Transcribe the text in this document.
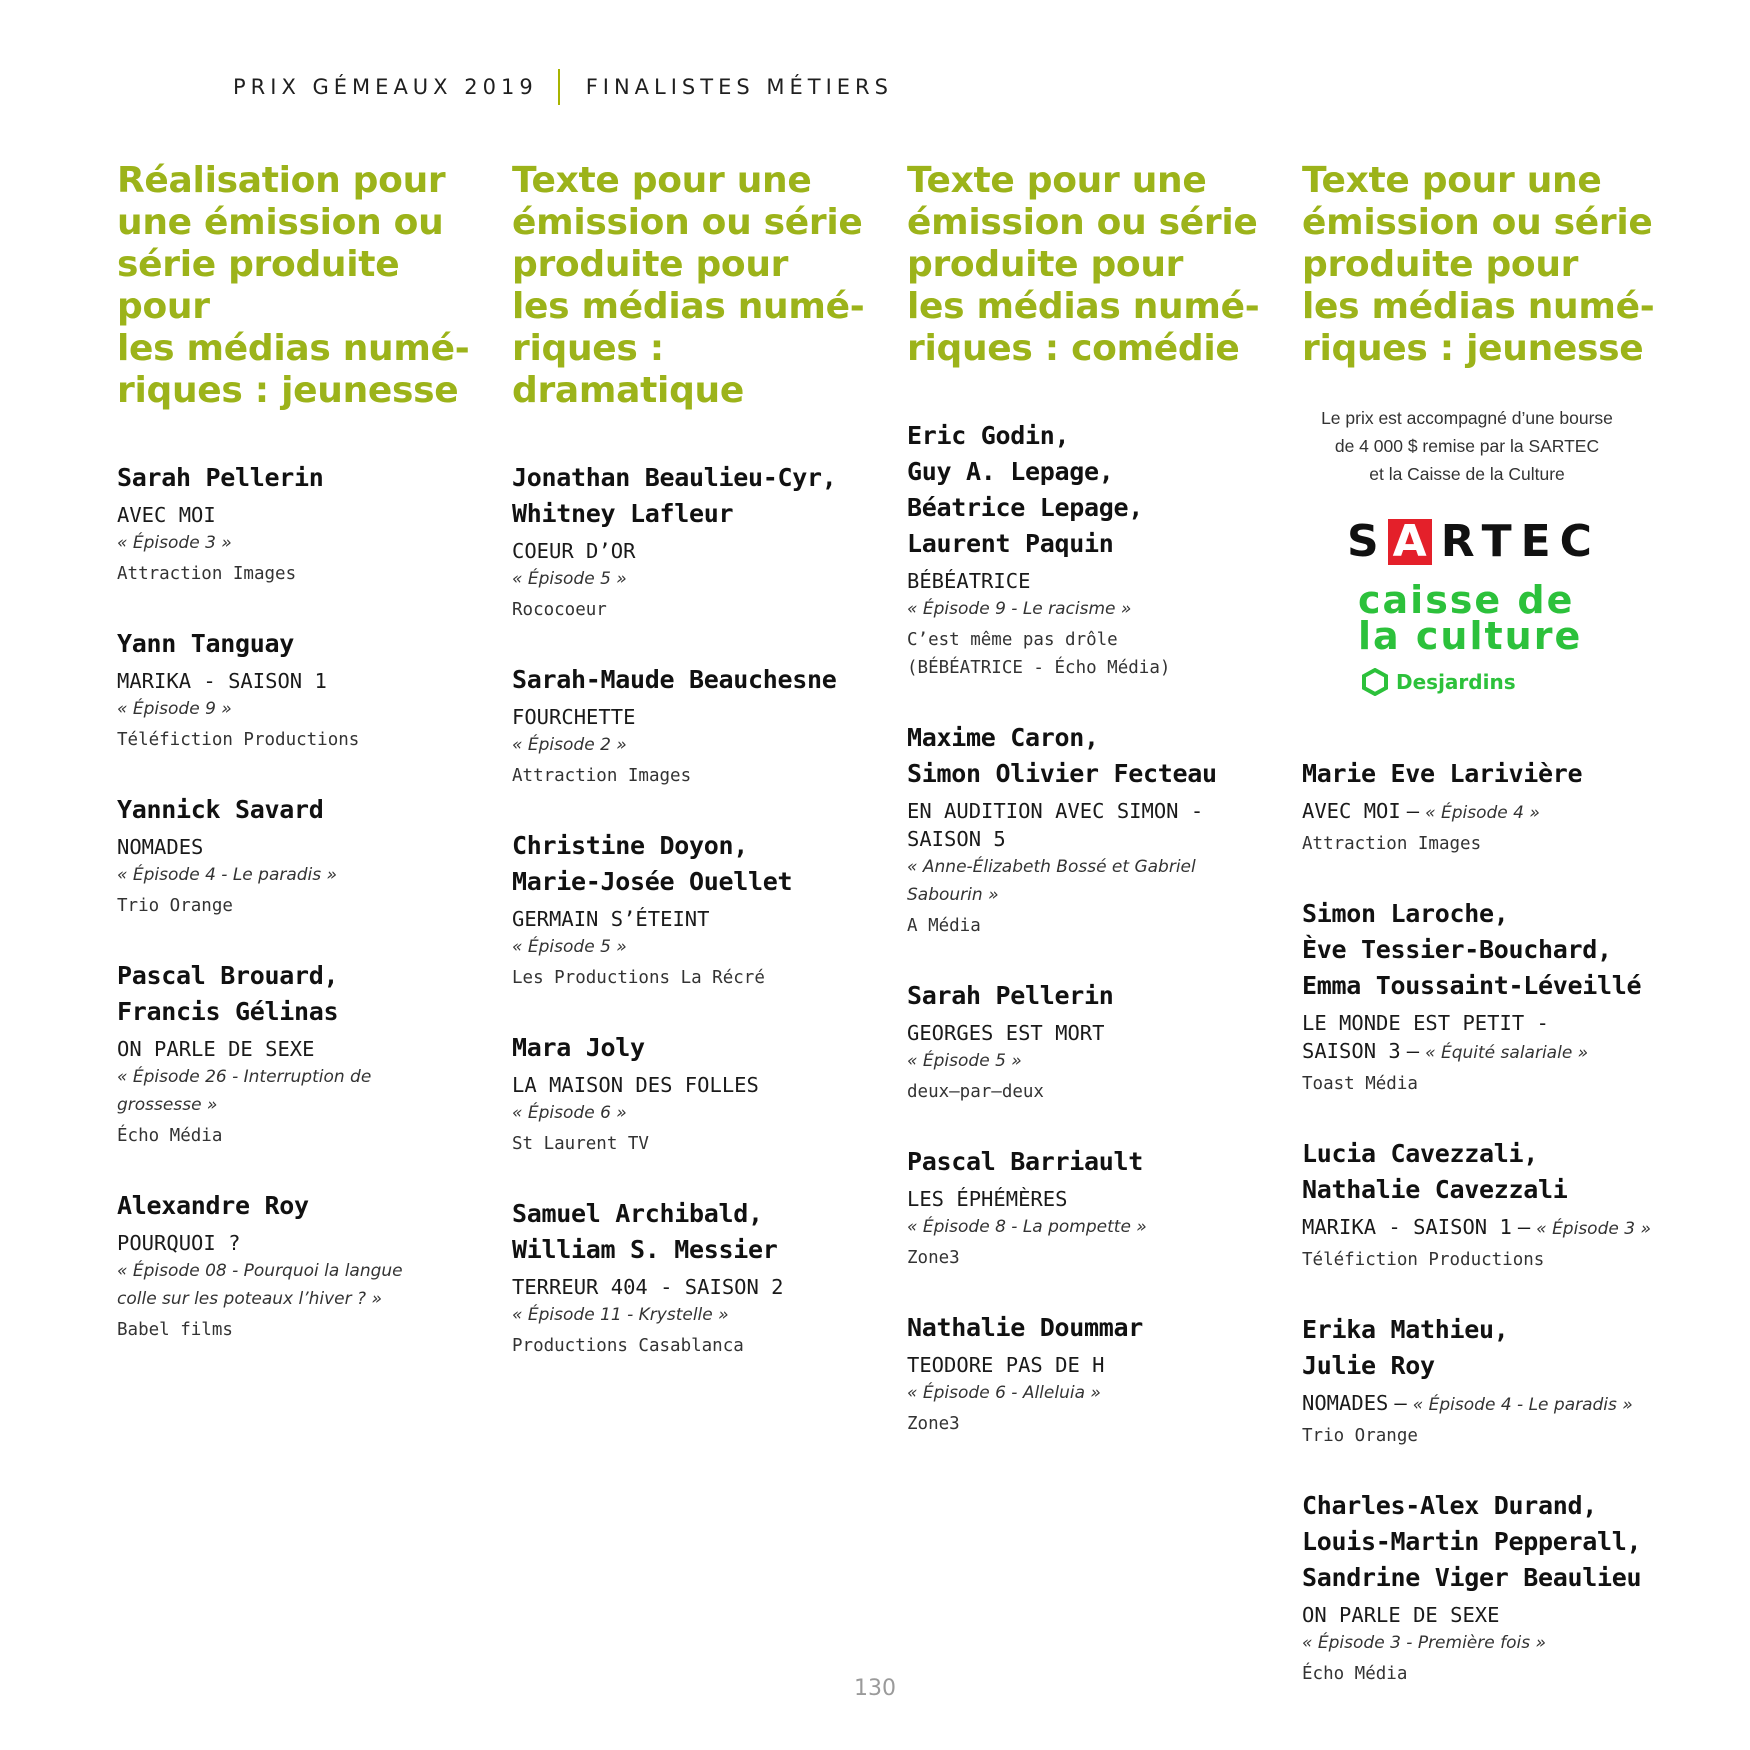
PRIX GÉMEAUX 2019 FINALISTES MÉTIERS
Réalisation pour
une émission ou
série produite pour
les médias numé-
riques : jeunesse
Sarah Pellerin
AVEC MOI
« Épisode 3 »
Attraction Images
Yann Tanguay
MARIKA - SAISON 1
« Épisode 9 »
Téléfiction Productions
Yannick Savard
NOMADES
« Épisode 4 - Le paradis »
Trio Orange
Pascal Brouard,
Francis Gélinas
ON PARLE DE SEXE
« Épisode 26 - Interruption de
grossesse »
Écho Média
Alexandre Roy
POURQUOI ?
« Épisode 08 - Pourquoi la langue
colle sur les poteaux l’hiver ? »
Babel films
Texte pour une
émission ou série
produite pour
les médias numé-
riques : dramatique
Jonathan Beaulieu-Cyr,
Whitney Lafleur
COEUR D’OR
« Épisode 5 »
Rococoeur
Sarah-Maude Beauchesne
FOURCHETTE
« Épisode 2 »
Attraction Images
Christine Doyon,
Marie-Josée Ouellet
GERMAIN S’ÉTEINT
« Épisode 5 »
Les Productions La Récré
Mara Joly
LA MAISON DES FOLLES
« Épisode 6 »
St Laurent TV
Samuel Archibald,
William S. Messier
TERREUR 404 - SAISON 2
« Épisode 11 - Krystelle »
Productions Casablanca
Texte pour une
émission ou série
produite pour
les médias numé-
riques : comédie
Eric Godin,
Guy A. Lepage,
Béatrice Lepage,
Laurent Paquin
BÉBÉATRICE
« Épisode 9 - Le racisme »
C’est même pas drôle
(BÉBÉATRICE - Écho Média)
Maxime Caron,
Simon Olivier Fecteau
EN AUDITION AVEC SIMON -
SAISON 5
« Anne-Élizabeth Bossé et Gabriel
Sabourin »
A Média
Sarah Pellerin
GEORGES EST MORT
« Épisode 5 »
deux—par—deux
Pascal Barriault
LES ÉPHÉMÈRES
« Épisode 8 - La pompette »
Zone3
Nathalie Doummar
TEODORE PAS DE H
« Épisode 6 - Alleluia »
Zone3
Texte pour une
émission ou série
produite pour
les médias numé-
riques : jeunesse
Le prix est accompagné d’une bourse
de 4 000 $ remise par la SARTEC
et la Caisse de la Culture
S A RTEC
caisse de
la culture
Desjardins
Marie Eve Larivière
AVEC MOI – « Épisode 4 »
Attraction Images
Simon Laroche,
Ève Tessier-Bouchard,
Emma Toussaint-Léveillé
LE MONDE EST PETIT -
SAISON 3 – « Équité salariale »
Toast Média
Lucia Cavezzali,
Nathalie Cavezzali
MARIKA - SAISON 1 – « Épisode 3 »
Téléfiction Productions
Erika Mathieu,
Julie Roy
NOMADES – « Épisode 4 - Le paradis »
Trio Orange
Charles-Alex Durand,
Louis-Martin Pepperall,
Sandrine Viger Beaulieu
ON PARLE DE SEXE
« Épisode 3 - Première fois »
Écho Média
130
